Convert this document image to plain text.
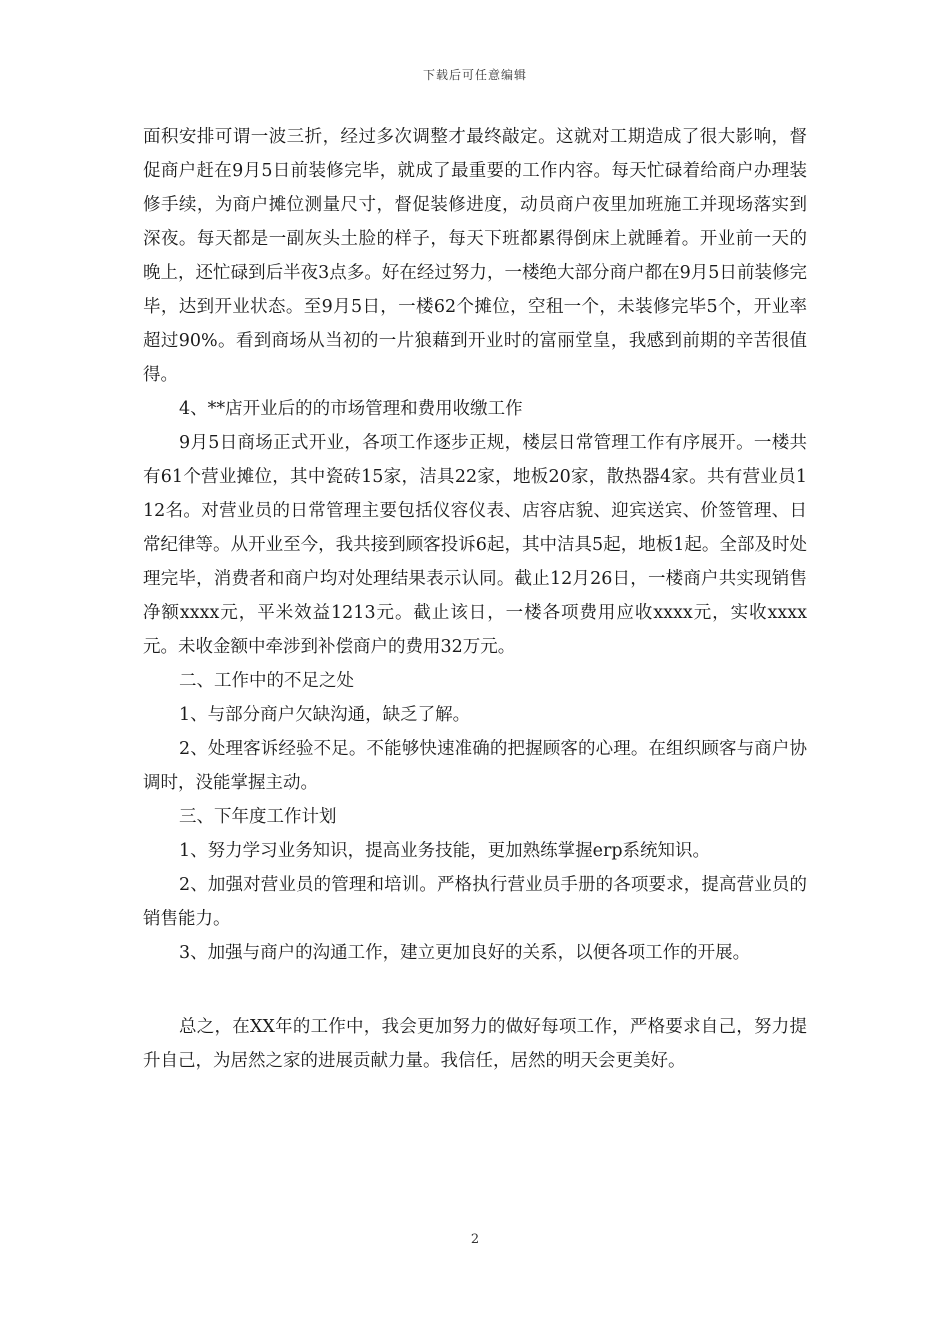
下载后可任意编辑

面积安排可谓一波三折，经过多次调整才最终敲定。这就对工期造成了很大影响，督促商户赶在9月5日前装修完毕，就成了最重要的工作内容。每天忙碌着给商户办理装修手续，为商户摊位测量尺寸，督促装修进度，动员商户夜里加班施工并现场落实到深夜。每天都是一副灰头土脸的样子，每天下班都累得倒床上就睡着。开业前一天的晚上，还忙碌到后半夜3点多。好在经过努力，一楼绝大部分商户都在9月5日前装修完毕，达到开业状态。至9月5日，一楼62个摊位，空租一个，未装修完毕5个，开业率超过90%。看到商场从当初的一片狼藉到开业时的富丽堂皇，我感到前期的辛苦很值得。

4、**店开业后的的市场管理和费用收缴工作

9月5日商场正式开业，各项工作逐步正规，楼层日常管理工作有序展开。一楼共有61个营业摊位，其中瓷砖15家，洁具22家，地板20家，散热器4家。共有营业员112名。对营业员的日常管理主要包括仪容仪表、店容店貌、迎宾送宾、价签管理、日常纪律等。从开业至今，我共接到顾客投诉6起，其中洁具5起，地板1起。全部及时处理完毕，消费者和商户均对处理结果表示认同。截止12月26日，一楼商户共实现销售净额xxxx元，平米效益1213元。截止该日，一楼各项费用应收xxxx元，实收xxxx元。未收金额中牵涉到补偿商户的费用32万元。

二、工作中的不足之处

1、与部分商户欠缺沟通，缺乏了解。

2、处理客诉经验不足。不能够快速准确的把握顾客的心理。在组织顾客与商户协调时，没能掌握主动。

三、下年度工作计划

1、努力学习业务知识，提高业务技能，更加熟练掌握erp系统知识。

2、加强对营业员的管理和培训。严格执行营业员手册的各项要求，提高营业员的销售能力。

3、加强与商户的沟通工作，建立更加良好的关系，以便各项工作的开展。

总之，在XX年的工作中，我会更加努力的做好每项工作，严格要求自己，努力提升自己，为居然之家的进展贡献力量。我信任，居然的明天会更美好。

2
